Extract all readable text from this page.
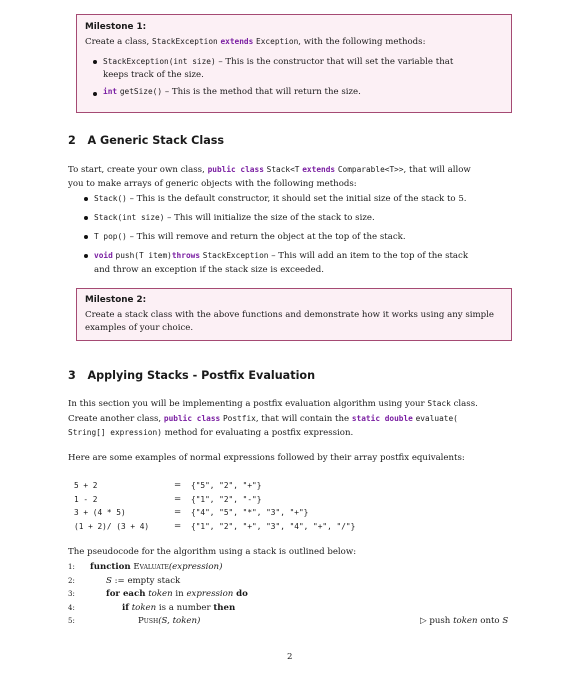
Milestone 1:
Create a class, StackException extends Exception, with the following methods:
StackException(int size) – This is the constructor that will set the variable that
keeps track of the size.
int getSize() – This is the method that will return the size.
2 A Generic Stack Class
To start, create your own class, public class Stack<T extends Comparable<T>>, that will allow
you to make arrays of generic objects with the following methods:
Stack() – This is the default constructor, it should set the initial size of the stack to 5.
Stack(int size) – This will initialize the size of the stack to size.
T pop() – This will remove and return the object at the top of the stack.
void push(T item)throws StackException – This will add an item to the top of the stack
and throw an exception if the stack size is exceeded.
Milestone 2:
Create a stack class with the above functions and demonstrate how it works using any simple
examples of your choice.
3 Applying Stacks - Postfix Evaluation
In this section you will be implementing a postfix evaluation algorithm using your Stack class.
Create another class, public class Postfix, that will contain the static double evaluate(
String[] expression) method for evaluating a postfix expression.
Here are some examples of normal expressions followed by their array postfix equivalents:
5 + 2	= {"5", "2", "+"}
1 - 2	= {"1", "2", "-"}
3 + (4 * 5)	= {"4", "5", "*", "3", "+"}
(1 + 2)/ (3 + 4)	= {"1", "2", "+", "3", "4", "+", "/"}
The pseudocode for the algorithm using a stack is outlined below:
1: function Evaluate(expression)
2:	S := empty stack
3:	for each token in expression do
4:	if token is a number then
5:	Push(S, token)	▷ push token onto S
2
